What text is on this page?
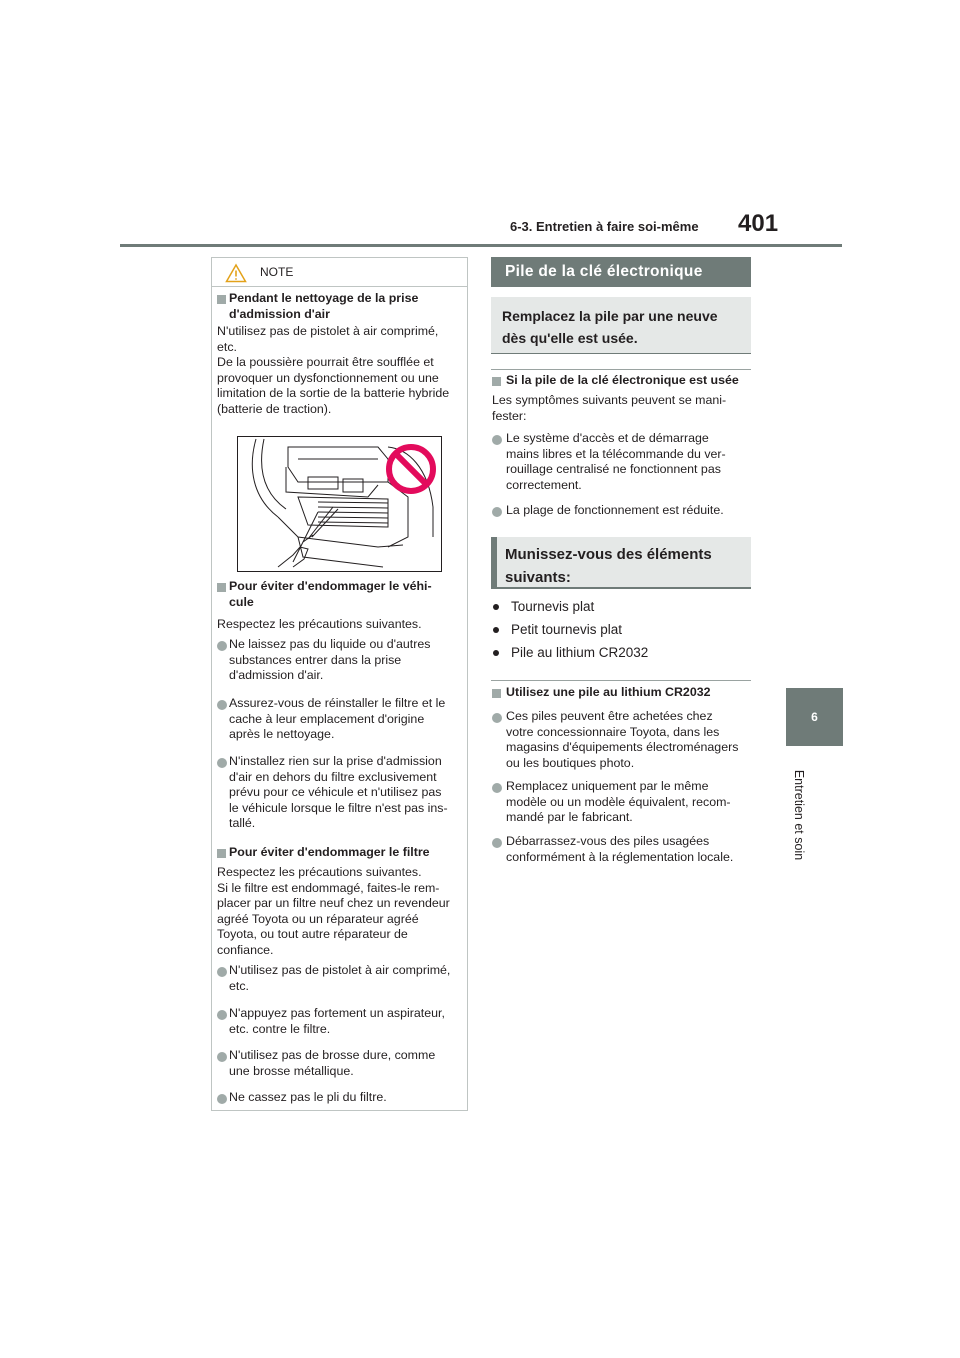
6-3. Entretien à faire soi-même 401
6
Entretien et soin
NOTE
Pendant le nettoyage de la prise d'admission d'air
N'utilisez pas de pistolet à air comprimé,
etc.
De la poussière pourrait être soufflée et
provoquer un dysfonctionnement ou une
limitation de la sortie de la batterie hybride
(batterie de traction).
Pour éviter d'endommager le véhi-
cule
Respectez les précautions suivantes.
Ne laissez pas du liquide ou d'autres
substances entrer dans la prise
d'admission d'air.
Assurez-vous de réinstaller le filtre et le
cache à leur emplacement d'origine
après le nettoyage.
N'installez rien sur la prise d'admission
d'air en dehors du filtre exclusivement
prévu pour ce véhicule et n'utilisez pas
le véhicule lorsque le filtre n'est pas ins-
tallé.
Pour éviter d'endommager le filtre
Respectez les précautions suivantes.
Si le filtre est endommagé, faites-le rem-
placer par un filtre neuf chez un revendeur
agréé Toyota ou un réparateur agréé
Toyota, ou tout autre réparateur de
confiance.
N'utilisez pas de pistolet à air comprimé,
etc.
N'appuyez pas fortement un aspirateur,
etc. contre le filtre.
N'utilisez pas de brosse dure, comme
une brosse métallique.
Ne cassez pas le pli du filtre.
Pile de la clé électronique
Remplacez la pile par une neuve
dès qu'elle est usée.
Si la pile de la clé électronique est usée
Les symptômes suivants peuvent se mani-
fester:
Le système d'accès et de démarrage
mains libres et la télécommande du ver-
rouillage centralisé ne fonctionnent pas
correctement.
La plage de fonctionnement est réduite.
Munissez-vous des éléments
suivants:
Tournevis plat
Petit tournevis plat
Pile au lithium CR2032
Utilisez une pile au lithium CR2032
Ces piles peuvent être achetées chez
votre concessionnaire Toyota, dans les
magasins d'équipements électroménagers
ou les boutiques photo.
Remplacez uniquement par le même
modèle ou un modèle équivalent, recom-
mandé par le fabricant.
Débarrassez-vous des piles usagées
conformément à la réglementation locale.
